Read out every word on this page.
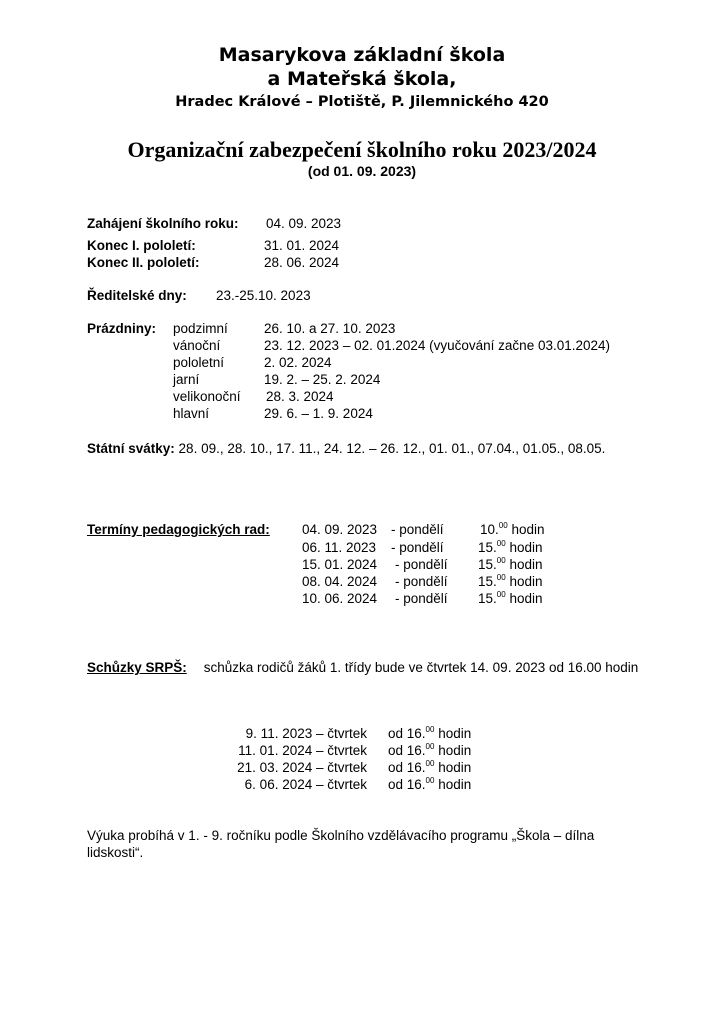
Masarykova základní škola
a Mateřská škola,
Hradec Králové – Plotiště, P. Jilemnického 420
Organizační zabezpečení školního roku 2023/2024
(od 01. 09. 2023)
Zahájení školního roku: 04. 09. 2023
Konec I. pololetí:	31. 01. 2024
Konec II. pololetí:	28. 06. 2024
Ředitelské dny: 23.-25.10. 2023
Prázdniny: podzimní	26. 10. a 27. 10. 2023
vánoční	23. 12. 2023 – 02. 01.2024 (vyučování začne 03.01.2024)
pololetní	2. 02. 2024
jarní	19. 2. – 25. 2. 2024
velikonoční 28. 3. 2024
hlavní	29. 6. – 1. 9. 2024
Státní svátky: 28. 09., 28. 10., 17. 11., 24. 12. – 26. 12., 01. 01., 07.04., 01.05., 08.05.
Termíny pedagogických rad: 04. 09. 2023 - pondělí	10.00 hodin
06. 11. 2023 - pondělí	15.00 hodin
15. 01. 2024 - pondělí 15.00 hodin
08. 04. 2024 - pondělí 15.00 hodin
10. 06. 2024 - pondělí 15.00 hodin
Schůzky SRPŠ: schůzka rodičů žáků 1. třídy bude ve čtvrtek 14. 09. 2023 od 16.00 hodin
9. 11. 2023 – čtvrtek od 16.00 hodin
11. 01. 2024 – čtvrtek od 16.00 hodin
21. 03. 2024 – čtvrtek od 16.00 hodin
6. 06. 2024 – čtvrtek od 16.00 hodin
Výuka probíhá v 1. - 9. ročníku podle Školního vzdělávacího programu „Škola – dílna lidskosti“.
